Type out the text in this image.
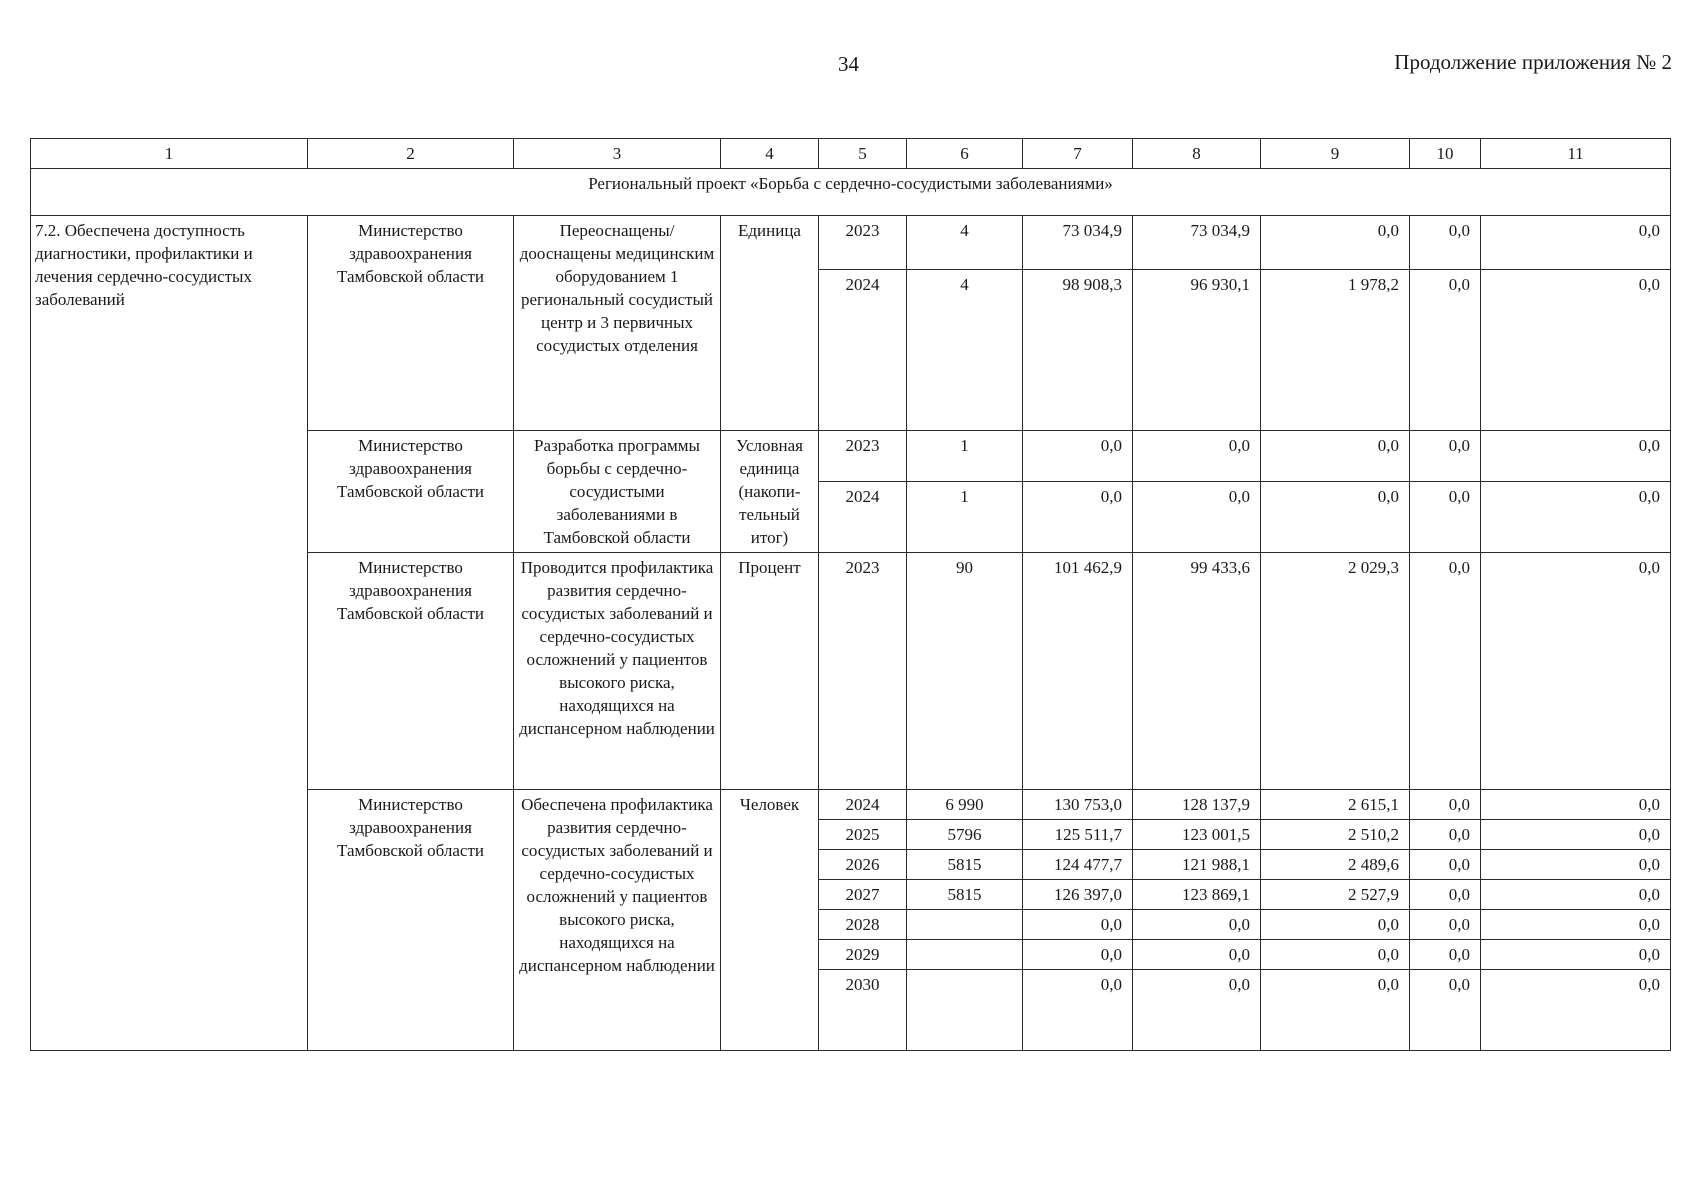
34	Продолжение приложения № 2
1	2	3	4	5	6	7	8	9	10	11
Региональный проект «Борьба с сердечно-сосудистыми заболеваниями»										
7.2. Обеспечена доступность диагностики, профилактики и лечения сердечно-сосудистых заболеваний	Министерство здравоохранения Тамбовской области	Переоснащены/ дооснащены медицинским оборудованием 1 региональный сосудистый центр и 3 первичных сосудистых отделения	Единица	2023	4	73 034,9	73 034,9	0,0	0,0	0,0
				2024	4	98 908,3	96 930,1	1 978,2	0,0	0,0
	Министерство здравоохранения Тамбовской области	Разработка программы борьбы с сердечно-сосудистыми заболеваниями в Тамбовской области	Условная единица (накопи-тельный итог)	2023	1	0,0	0,0	0,0	0,0	0,0
				2024	1	0,0	0,0	0,0	0,0	0,0
	Министерство здравоохранения Тамбовской области	Проводится профилактика развития сердечно-сосудистых заболеваний и сердечно-сосудистых осложнений у пациентов высокого риска, находящихся на диспансерном наблюдении	Процент	2023	90	101 462,9	99 433,6	2 029,3	0,0	0,0
	Министерство здравоохранения Тамбовской области	Обеспечена профилактика развития сердечно-сосудистых заболеваний и сердечно-сосудистых осложнений у пациентов высокого риска, находящихся на диспансерном наблюдении	Человек	2024	6 990	130 753,0	128 137,9	2 615,1	0,0	0,0
				2025	5796	125 511,7	123 001,5	2 510,2	0,0	0,0
				2026	5815	124 477,7	121 988,1	2 489,6	0,0	0,0
				2027	5815	126 397,0	123 869,1	2 527,9	0,0	0,0
				2028		0,0	0,0	0,0	0,0	0,0
				2029		0,0	0,0	0,0	0,0	0,0
				2030		0,0	0,0	0,0	0,0	0,0
